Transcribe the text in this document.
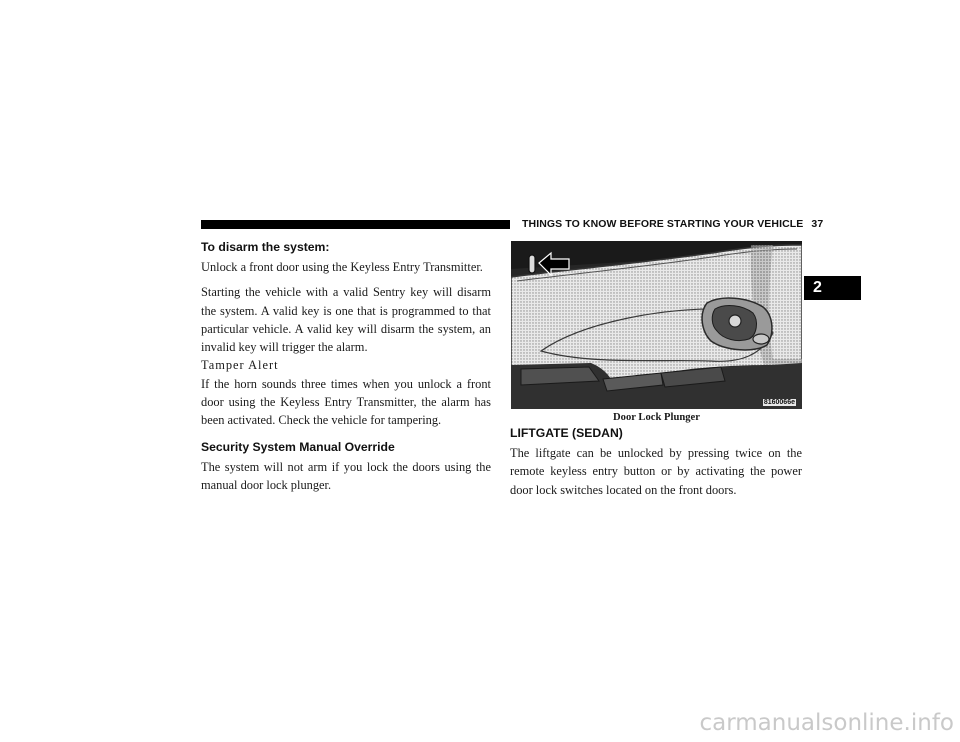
THINGS TO KNOW BEFORE STARTING YOUR VEHICLE 37
2
To disarm the system:

Unlock a front door using the Keyless Entry Transmitter.

Starting the vehicle with a valid Sentry key will disarm the system. A valid key is one that is programmed to that particular vehicle. A valid key will disarm the system, an invalid key will trigger the alarm.

Tamper Alert

If the horn sounds three times when you unlock a front door using the Keyless Entry Transmitter, the alarm has been activated. Check the vehicle for tampering.

Security System Manual Override

The system will not arm if you lock the doors using the manual door lock plunger.

8160066e
Door Lock Plunger
LIFTGATE (SEDAN)

The liftgate can be unlocked by pressing twice on the remote keyless entry button or by activating the power door lock switches located on the front doors.

carmanualsonline.info
